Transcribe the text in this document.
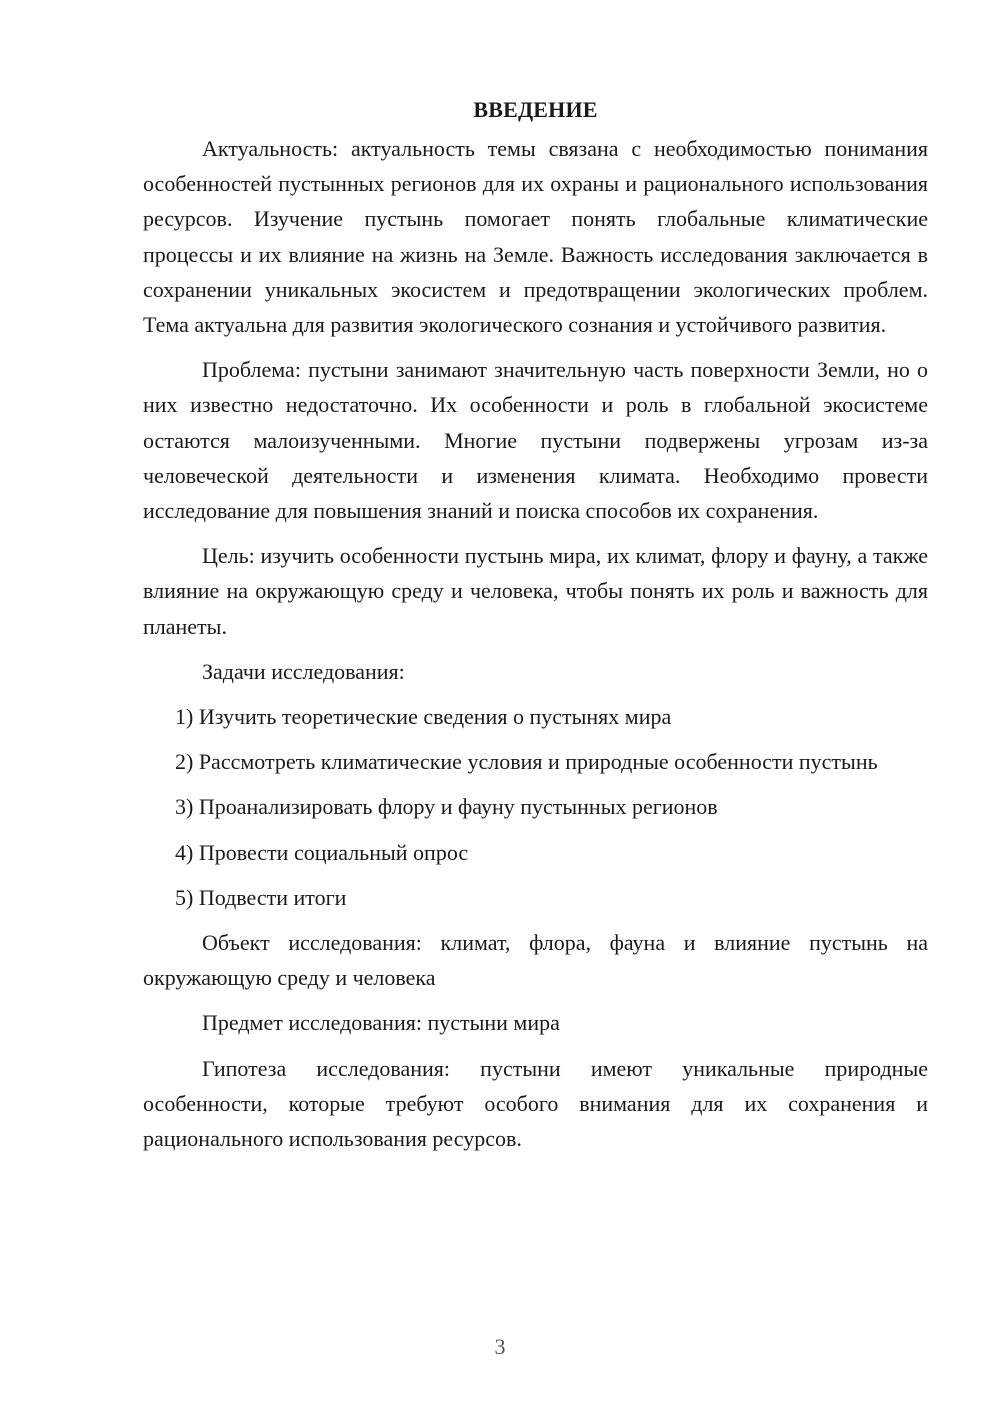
ВВЕДЕНИЕ

Актуальность: актуальность темы связана с необходимостью понимания особенностей пустынных регионов для их охраны и рационального использования ресурсов. Изучение пустынь помогает понять глобальные климатические процессы и их влияние на жизнь на Земле. Важность исследования заключается в сохранении уникальных экосистем и предотвращении экологических проблем. Тема актуальна для развития экологического сознания и устойчивого развития.

Проблема: пустыни занимают значительную часть поверхности Земли, но о них известно недостаточно. Их особенности и роль в глобальной экосистеме остаются малоизученными. Многие пустыни подвержены угрозам из-за человеческой деятельности и изменения климата. Необходимо провести исследование для повышения знаний и поиска способов их сохранения.

Цель: изучить особенности пустынь мира, их климат, флору и фауну, а также влияние на окружающую среду и человека, чтобы понять их роль и важность для планеты.

Задачи исследования:

1) Изучить теоретические сведения о пустынях мира

2) Рассмотреть климатические условия и природные особенности пустынь

3) Проанализировать флору и фауну пустынных регионов

4) Провести социальный опрос

5) Подвести итоги

Объект исследования: климат, флора, фауна и влияние пустынь на окружающую среду и человека

Предмет исследования: пустыни мира

Гипотеза исследования: пустыни имеют уникальные природные особенности, которые требуют особого внимания для их сохранения и рационального использования ресурсов.

3
